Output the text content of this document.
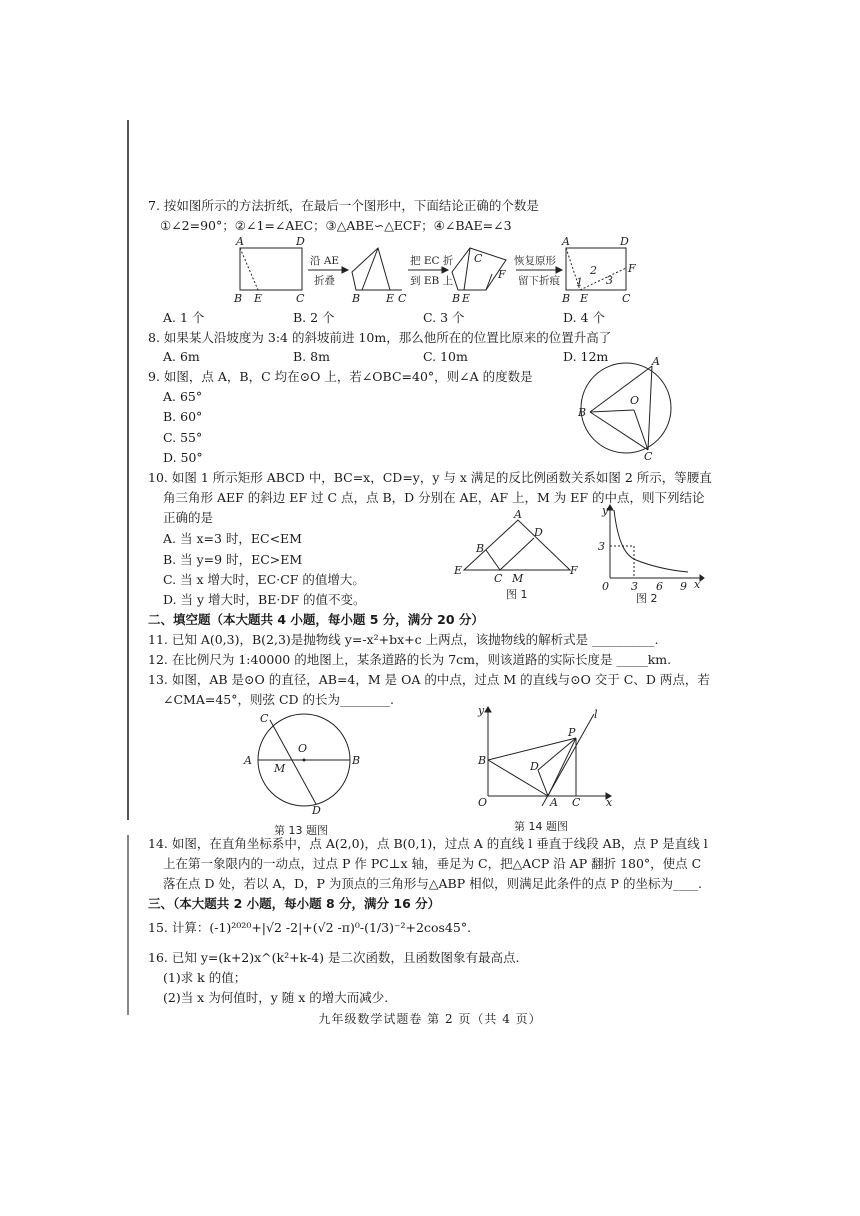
7. 按如图所示的方法折纸，在最后一个图形中，下面结论正确的个数是
①∠2=90°；②∠1=∠AEC；③△ABE∽△ECF；④∠BAE=∠3
A	D
B E	C	B E C	B E
F
C
A	D
B E	C
F
2
3
1
沿 AE
折叠
把 EC 折
到 EB 上
恢复原形
留下折痕
A. 1 个	B. 2 个	C. 3 个	D. 4 个
8. 如果某人沿坡度为 3:4 的斜坡前进 10m，那么他所在的位置比原来的位置升高了
A. 6m	B. 8m	C. 10m	D. 12m
9. 如图，点 A，B，C 均在⊙O 上，若∠OBC=40°，则∠A 的度数是
A. 65°
B. 60°
C. 55°
D. 50°
A
B
C
O
10. 如图 1 所示矩形 ABCD 中，BC=x，CD=y，y 与 x 满足的反比例函数关系如图 2 所示，等腰直
角三角形 AEF 的斜边 EF 过 C 点，点 B，D 分别在 AE，AF 上，M 为 EF 的中点，则下列结论
正确的是
A. 当 x=3 时，EC<EM
B. 当 y=9 时，EC>EM
C. 当 x 增大时，EC·CF 的值增大。
D. 当 y 增大时，BE·DF 的值不变。
A
B
D
E	F
C M
图 1
y
3
0 3 6 9 x
图 2
二、填空题（本大题共 4 小题，每小题 5 分，满分 20 分）
11. 已知 A(0,3)，B(2,3)是抛物线 y=-x²+bx+c 上两点，该抛物线的解析式是 __________.
12. 在比例尺为 1:40000 的地图上，某条道路的长为 7cm，则该道路的实际长度是 _____km.
13. 如图，AB 是⊙O 的直径，AB=4，M 是 OA 的中点，过点 M 的直线与⊙O 交于 C、D 两点，若
∠CMA=45°，则弦 CD 的长为________.
C
O
A	B
M
D
第 13 题图
y
B
O	A C x
P
D
l
第 14 题图
14. 如图，在直角坐标系中，点 A(2,0)，点 B(0,1)，过点 A 的直线 l 垂直于线段 AB，点 P 是直线 l
上在第一象限内的一动点，过点 P 作 PC⊥x 轴，垂足为 C，把△ACP 沿 AP 翻折 180°，使点 C
落在点 D 处，若以 A，D，P 为顶点的三角形与△ABP 相似，则满足此条件的点 P 的坐标为____.
三、（本大题共 2 小题，每小题 8 分，满分 16 分）
15. 计算：(-1)²⁰²⁰+|√2 -2|+(√2 -π)⁰-(1/3)⁻²+2cos45°.
16. 已知 y=(k+2)x^(k²+k-4) 是二次函数，且函数图象有最高点.
(1)求 k 的值；
(2)当 x 为何值时，y 随 x 的增大而减少.
九年级数学试题卷 第 2 页（共 4 页）
